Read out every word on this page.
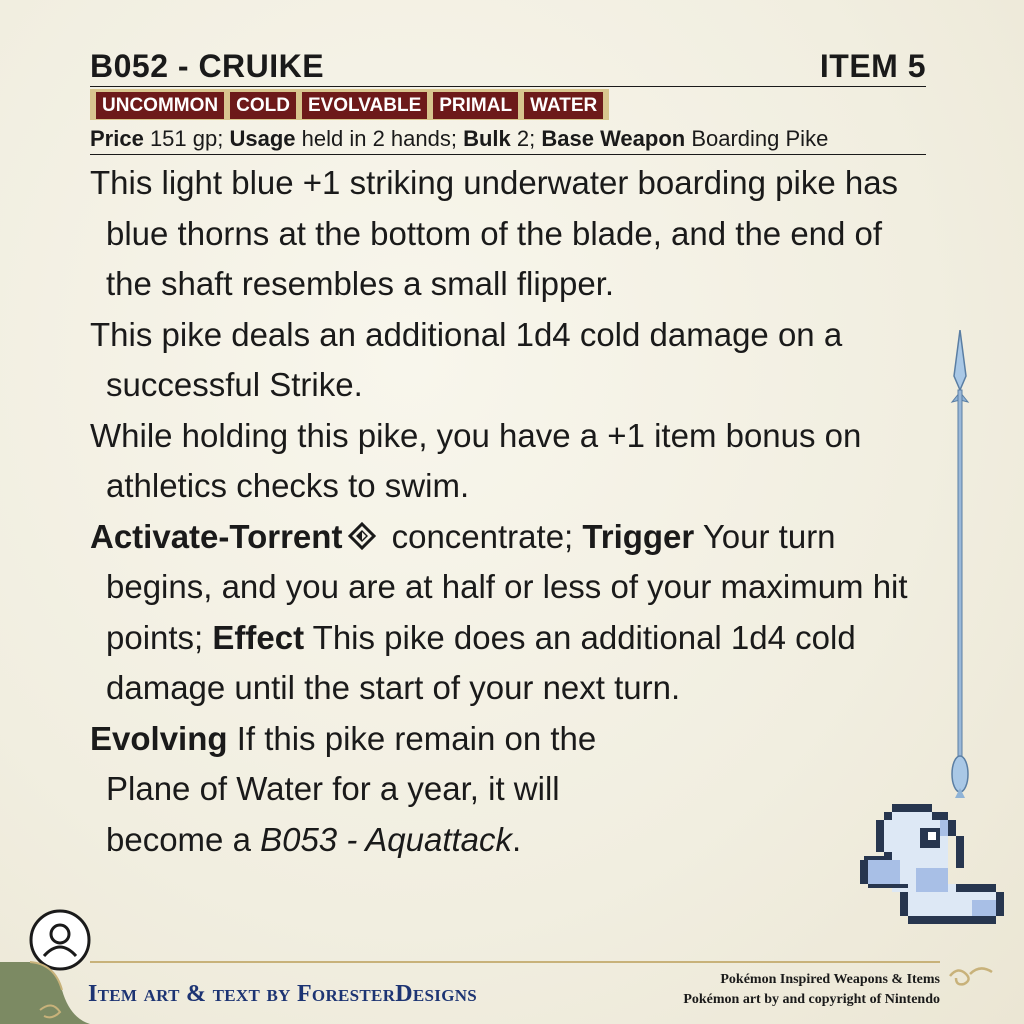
B052 - CRUIKE	ITEM 5
UNCOMMON COLD EVOLVABLE PRIMAL WATER
Price 151 gp; Usage held in 2 hands; Bulk 2; Base Weapon Boarding Pike
This light blue +1 striking underwater boarding pike has blue thorns at the bottom of the blade, and the end of the shaft resembles a small flipper.
This pike deals an additional 1d4 cold damage on a successful Strike.
While holding this pike, you have a +1 item bonus on athletics checks to swim.
Activate-Torrent concentrate; Trigger Your turn begins, and you are at half or less of your maximum hit points; Effect This pike does an additional 1d4 cold damage until the start of your next turn.
Evolving If this pike remain on the Plane of Water for a year, it will become a B053 - Aquattack.
Item art & text by ForesterDesigns
Pokémon Inspired Weapons & Items
Pokémon art by and copyright of Nintendo
